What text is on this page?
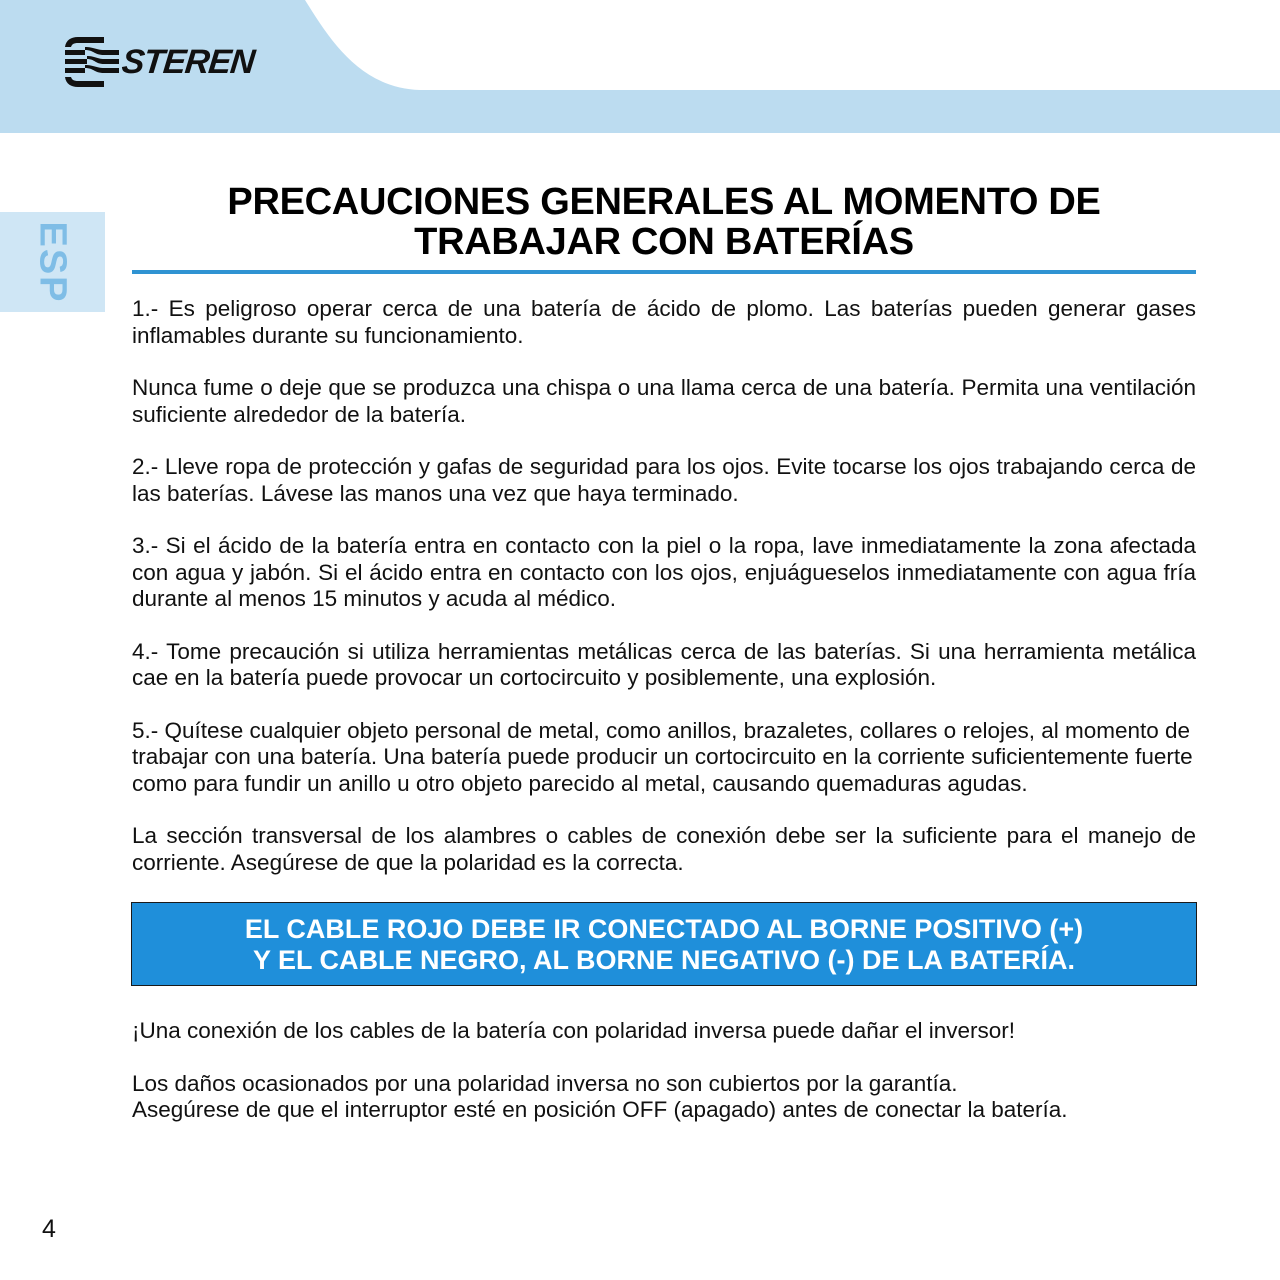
STEREN
ESP
PRECAUCIONES GENERALES AL MOMENTO DE
TRABAJAR CON BATERÍAS

1.- Es peligroso operar cerca de una batería de ácido de plomo. Las baterías pueden generar gases inflamables durante su funcionamiento.

Nunca fume o deje que se produzca una chispa o una llama cerca de una batería. Permita una ventilación suficiente alrededor de la batería.

2.- Lleve ropa de protección y gafas de seguridad para los ojos. Evite tocarse los ojos trabajando cerca de las baterías. Lávese las manos una vez que haya terminado.

3.- Si el ácido de la batería entra en contacto con la piel o la ropa, lave inmediatamente la zona afectada con agua y jabón. Si el ácido entra en contacto con los ojos, enjuágueselos inmediatamente con agua fría durante al menos 15 minutos y acuda al médico.

4.- Tome precaución si utiliza herramientas metálicas cerca de las baterías. Si una herramienta metálica cae en la batería puede provocar un cortocircuito y posiblemente, una explosión.

5.- Quítese cualquier objeto personal de metal, como anillos, brazaletes, collares o relojes, al momento de trabajar con una batería. Una batería puede producir un cortocircuito en la corriente suficientemente fuerte como para fundir un anillo u otro objeto parecido al metal, causando quemaduras agudas.

La sección transversal de los alambres o cables de conexión debe ser la suficiente para el manejo de corriente. Asegúrese de que la polaridad es la correcta.

EL CABLE ROJO DEBE IR CONECTADO AL BORNE POSITIVO (+)
Y EL CABLE NEGRO, AL BORNE NEGATIVO (-) DE LA BATERÍA.

¡Una conexión de los cables de la batería con polaridad inversa puede dañar el inversor!

Los daños ocasionados por una polaridad inversa no son cubiertos por la garantía.

Asegúrese de que el interruptor esté en posición OFF (apagado) antes de conectar la batería.

4
